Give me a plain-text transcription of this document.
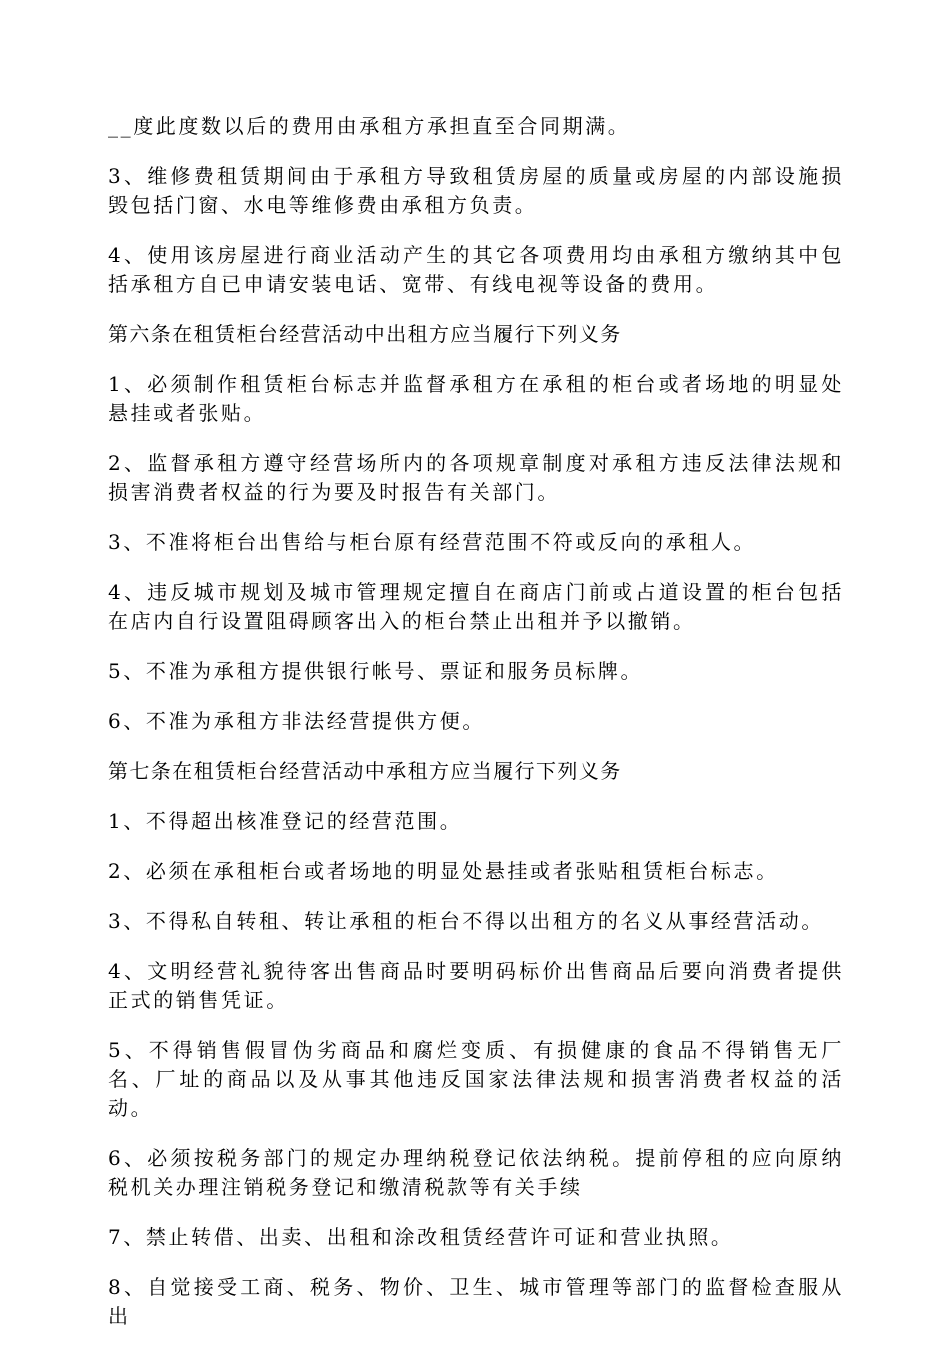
__度此度数以后的费用由承租方承担直至合同期满。

3、维修费租赁期间由于承租方导致租赁房屋的质量或房屋的内部设施损毁包括门窗、水电等维修费由承租方负责。

4、使用该房屋进行商业活动产生的其它各项费用均由承租方缴纳其中包括承租方自已申请安装电话、宽带、有线电视等设备的费用。

第六条在租赁柜台经营活动中出租方应当履行下列义务

1、必须制作租赁柜台标志并监督承租方在承租的柜台或者场地的明显处悬挂或者张贴。

2、监督承租方遵守经营场所内的各项规章制度对承租方违反法律法规和损害消费者权益的行为要及时报告有关部门。

3、不准将柜台出售给与柜台原有经营范围不符或反向的承租人。

4、违反城市规划及城市管理规定擅自在商店门前或占道设置的柜台包括在店内自行设置阻碍顾客出入的柜台禁止出租并予以撤销。

5、不准为承租方提供银行帐号、票证和服务员标牌。

6、不准为承租方非法经营提供方便。

第七条在租赁柜台经营活动中承租方应当履行下列义务

1、不得超出核准登记的经营范围。

2、必须在承租柜台或者场地的明显处悬挂或者张贴租赁柜台标志。

3、不得私自转租、转让承租的柜台不得以出租方的名义从事经营活动。

4、文明经营礼貌待客出售商品时要明码标价出售商品后要向消费者提供正式的销售凭证。

5、不得销售假冒伪劣商品和腐烂变质、有损健康的食品不得销售无厂名、厂址的商品以及从事其他违反国家法律法规和损害消费者权益的活动。

6、必须按税务部门的规定办理纳税登记依法纳税。提前停租的应向原纳税机关办理注销税务登记和缴清税款等有关手续

7、禁止转借、出卖、出租和涂改租赁经营许可证和营业执照。

8、自觉接受工商、税务、物价、卫生、城市管理等部门的监督检查服从出
